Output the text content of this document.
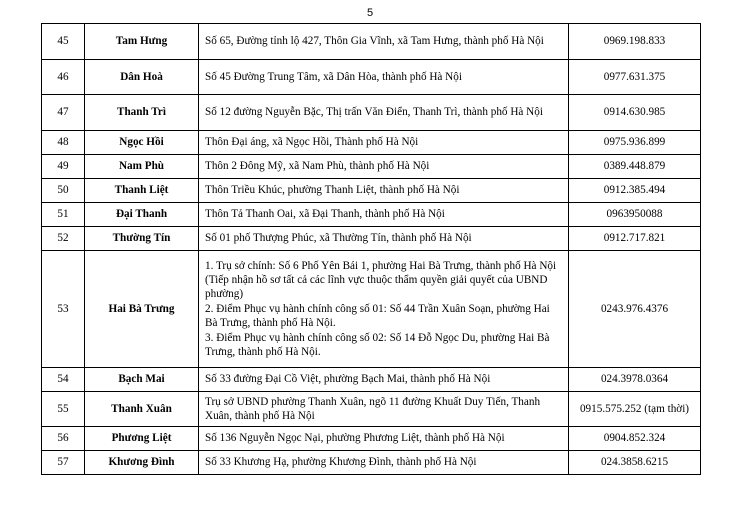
5
45	Tam Hưng	Số 65, Đường tỉnh lộ 427, Thôn Gia Vĩnh, xã Tam Hưng, thành phố Hà Nội	0969.198.833
46	Dân Hoà	Số 45 Đường Trung Tâm, xã Dân Hòa, thành phố Hà Nội	0977.631.375
47	Thanh Trì	Số 12 đường Nguyễn Bặc, Thị trấn Văn Điển, Thanh Trì, thành phố Hà Nội	0914.630.985
48	Ngọc Hồi	Thôn Đại áng, xã Ngọc Hồi, Thành phố Hà Nội	0975.936.899
49	Nam Phù	Thôn 2 Đông Mỹ, xã Nam Phù, thành phố Hà Nội	0389.448.879
50	Thanh Liệt	Thôn Triều Khúc, phường Thanh Liệt, thành phố Hà Nội	0912.385.494
51	Đại Thanh	Thôn Tả Thanh Oai, xã Đại Thanh, thành phố Hà Nội	0963950088
52	Thường Tín	Số 01 phố Thượng Phúc, xã Thường Tín, thành phố Hà Nội	0912.717.821
53	Hai Bà Trưng	1. Trụ sở chính: Số 6 Phố Yên Bái 1, phường Hai Bà Trưng, thành phố Hà Nội (Tiếp nhận hồ sơ tất cả các lĩnh vực thuộc thẩm quyền giải quyết của UBND phường)
2. Điểm Phục vụ hành chính công số 01: Số 44 Trần Xuân Soạn, phường Hai Bà Trưng, thành phố Hà Nội.
3. Điểm Phục vụ hành chính công số 02: Số 14 Đỗ Ngọc Du, phường Hai Bà Trưng, thành phố Hà Nội.	0243.976.4376
54	Bạch Mai	Số 33 đường Đại Cồ Việt, phường Bạch Mai, thành phố Hà Nội	024.3978.0364
55	Thanh Xuân	Trụ sở UBND phường Thanh Xuân, ngõ 11 đường Khuất Duy Tiến, Thanh Xuân, thành phố Hà Nội	0915.575.252 (tạm thời)
56	Phương Liệt	Số 136 Nguyễn Ngọc Nại, phường Phương Liệt, thành phố Hà Nội	0904.852.324
57	Khương Đình	Số 33 Khương Hạ, phường Khương Đình, thành phố Hà Nội	024.3858.6215
